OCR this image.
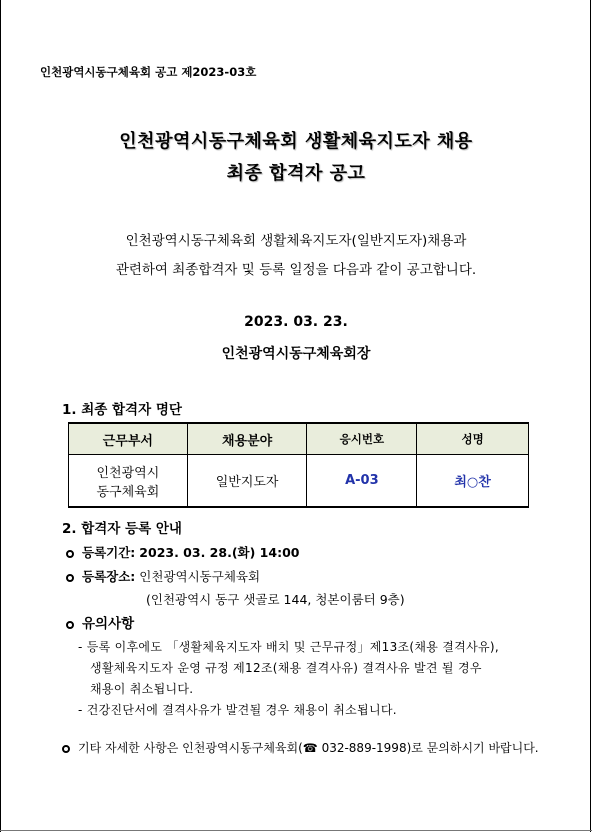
인천광역시동구체육회 공고 제2023-03호
인천광역시동구체육회 생활체육지도자 채용
최종 합격자 공고
인천광역시동구체육회 생활체육지도자(일반지도자)채용과
관련하여 최종합격자 및 등록 일정을 다음과 같이 공고합니다.
2023. 03. 23.
인천광역시동구체육회장
1. 최종 합격자 명단
근무부서	채용분야	응시번호	성명

인천광역시
동구체육회	일반지도자	A-03	최○찬
2. 합격자 등록 안내
등록기간: 2023. 03. 28.(화) 14:00
등록장소: 인천광역시동구체육회
(인천광역시 동구 샛골로 144, 청본이룸터 9층)
유의사항
- 등록 이후에도 「생활체육지도자 배치 및 근무규정」제13조(채용 결격사유),
생활체육지도자 운영 규정 제12조(채용 결격사유) 결격사유 발견 될 경우
채용이 취소됩니다.
- 건강진단서에 결격사유가 발견될 경우 채용이 취소됩니다.
기타 자세한 사항은 인천광역시동구체육회(☎ 032-889-1998)로 문의하시기 바랍니다.
